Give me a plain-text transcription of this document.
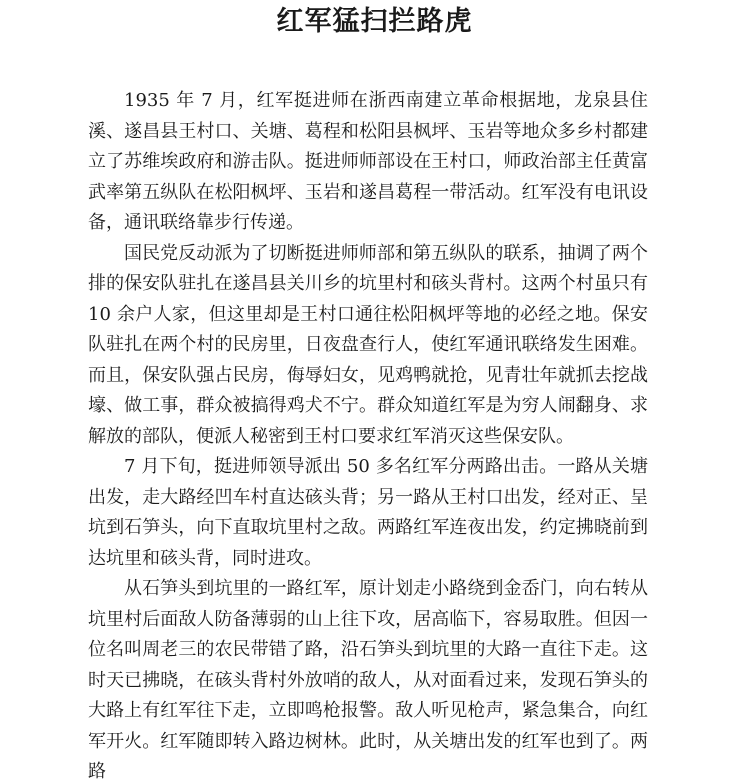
红军猛扫拦路虎

1935 年 7 月，红军挺进师在浙西南建立革命根据地，龙泉县住溪、遂昌县王村口、关塘、葛程和松阳县枫坪、玉岩等地众多乡村都建立了苏维埃政府和游击队。挺进师师部设在王村口，师政治部主任黄富武率第五纵队在松阳枫坪、玉岩和遂昌葛程一带活动。红军没有电讯设备，通讯联络靠步行传递。

国民党反动派为了切断挺进师师部和第五纵队的联系，抽调了两个排的保安队驻扎在遂昌县关川乡的坑里村和硋头背村。这两个村虽只有 10 余户人家，但这里却是王村口通往松阳枫坪等地的必经之地。保安队驻扎在两个村的民房里，日夜盘查行人，使红军通讯联络发生困难。而且，保安队强占民房，侮辱妇女，见鸡鸭就抢，见青壮年就抓去挖战壕、做工事，群众被搞得鸡犬不宁。群众知道红军是为穷人闹翻身、求解放的部队，便派人秘密到王村口要求红军消灭这些保安队。

7 月下旬，挺进师领导派出 50 多名红军分两路出击。一路从关塘出发，走大路经凹车村直达硋头背；另一路从王村口出发，经对正、呈坑到石笋头，向下直取坑里村之敌。两路红军连夜出发，约定拂晓前到达坑里和硋头背，同时进攻。

从石笋头到坑里的一路红军，原计划走小路绕到金岙门，向右转从坑里村后面敌人防备薄弱的山上往下攻，居高临下，容易取胜。但因一位名叫周老三的农民带错了路，沿石笋头到坑里的大路一直往下走。这时天已拂晓，在硋头背村外放哨的敌人，从对面看过来，发现石笋头的大路上有红军往下走，立即鸣枪报警。敌人听见枪声，紧急集合，向红军开火。红军随即转入路边树林。此时，从关塘出发的红军也到了。两路
